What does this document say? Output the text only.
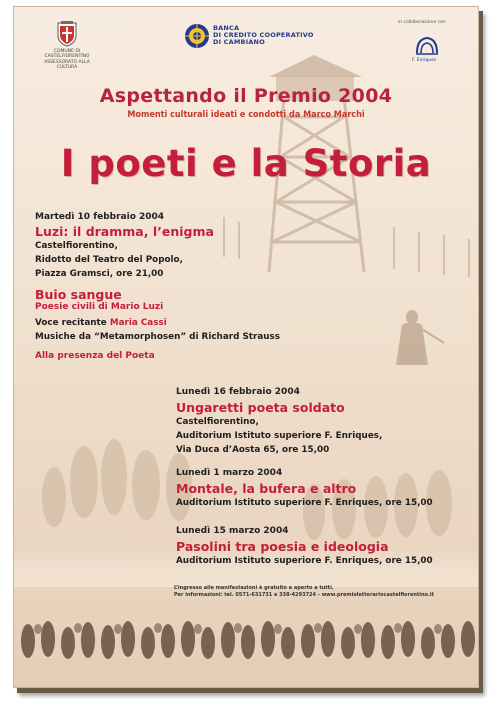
COMUNE DI CASTELFIORENTINO
ASSESSORATO ALLA CULTURA
BANCA
DI CREDITO COOPERATIVO
DI CAMBIANO
in collaborazione con
F. Enriques
Aspettando il Premio 2004
Momenti culturali ideati e condotti da Marco Marchi
I poeti e la Storia
Martedì 10 febbraio 2004
Luzi: il dramma, l’enigma
Castelfiorentino,
Ridotto del Teatro del Popolo,
Piazza Gramsci, ore 21,00
Buio sangue
Poesie civili di Mario Luzi
Voce recitante Maria Cassi
Musiche da “Metamorphosen” di Richard Strauss
Alla presenza del Poeta
Lunedì 16 febbraio 2004
Ungaretti poeta soldato
Castelfiorentino,
Auditorium Istituto superiore F. Enriques,
Via Duca d’Aosta 65, ore 15,00
Lunedì 1 marzo 2004
Montale, la bufera e altro
Auditorium Istituto superiore F. Enriques, ore 15,00
Lunedì 15 marzo 2004
Pasolini tra poesia e ideologia
Auditorium Istituto superiore F. Enriques, ore 15,00
L’ingresso alle manifestazioni è gratuito e aperto a tutti.
Per informazioni: tel. 0571-631731 e 338-4293724 - www.premioletterariocastelfiorentino.it
